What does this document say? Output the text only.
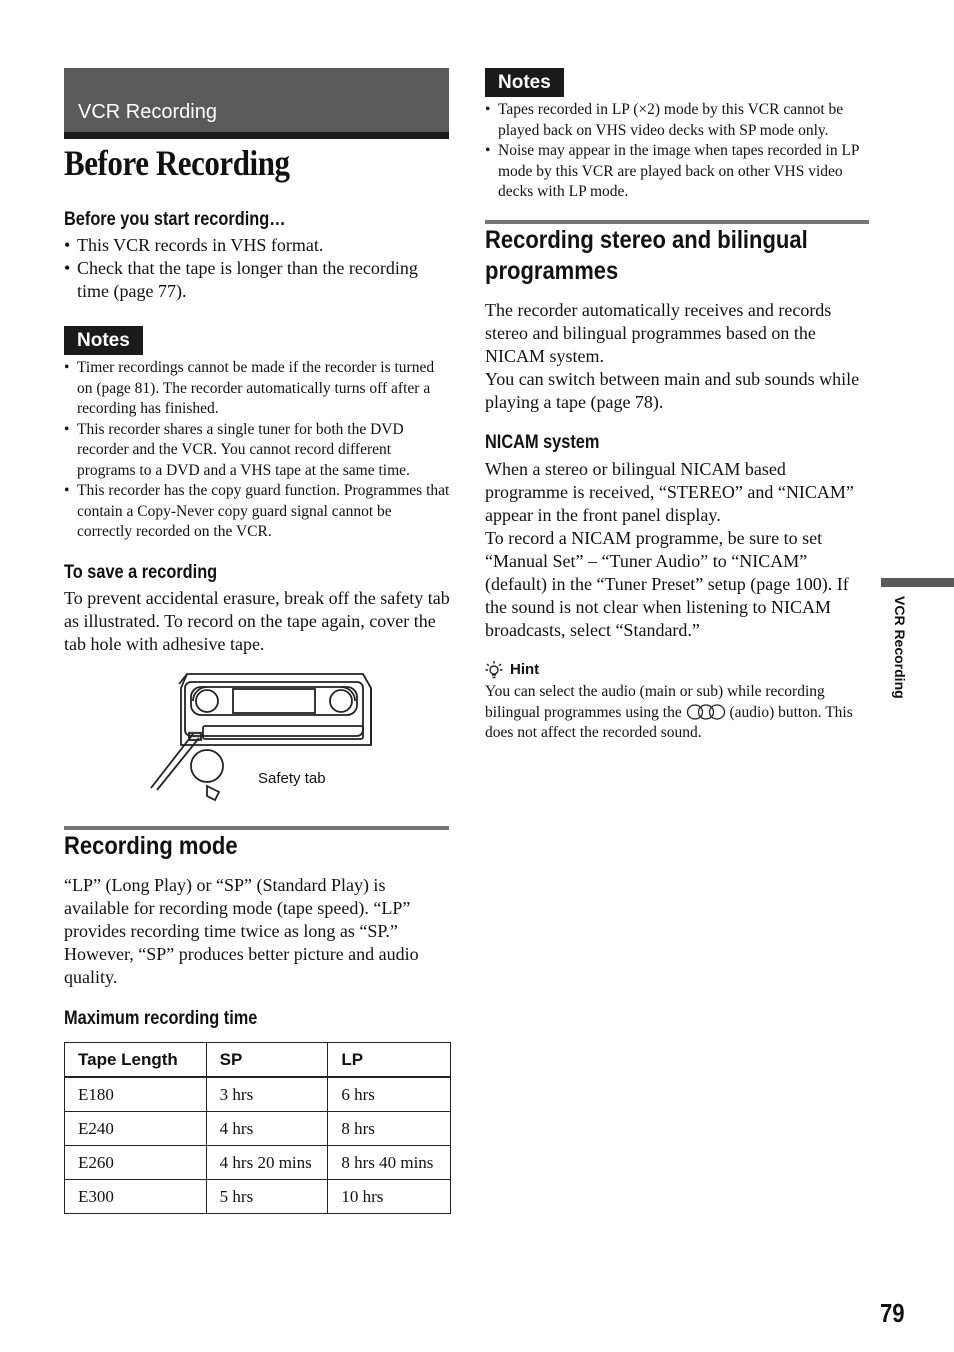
VCR Recording
Before Recording
Before you start recording…
• This VCR records in VHS format.
• Check that the tape is longer than the recording time (page 77).
Notes
• Timer recordings cannot be made if the recorder is turned on (page 81). The recorder automatically turns off after a recording has finished.
• This recorder shares a single tuner for both the DVD recorder and the VCR. You cannot record different programs to a DVD and a VHS tape at the same time.
• This recorder has the copy guard function. Programmes that contain a Copy-Never copy guard signal cannot be correctly recorded on the VCR.
To save a recording
To prevent accidental erasure, break off the safety tab as illustrated. To record on the tape again, cover the tab hole with adhesive tape.
Safety tab
Recording mode
“LP” (Long Play) or “SP” (Standard Play) is available for recording mode (tape speed). “LP” provides recording time twice as long as “SP.” However, “SP” produces better picture and audio quality.
Maximum recording time
Tape Length	SP	LP
E180	3 hrs	6 hrs
E240	4 hrs	8 hrs
E260	4 hrs 20 mins	8 hrs 40 mins
E300	5 hrs	10 hrs
Notes
• Tapes recorded in LP (×2) mode by this VCR cannot be played back on VHS video decks with SP mode only.
• Noise may appear in the image when tapes recorded in LP mode by this VCR are played back on other VHS video decks with LP mode.
Recording stereo and bilingual programmes
The recorder automatically receives and records stereo and bilingual programmes based on the NICAM system.
You can switch between main and sub sounds while playing a tape (page 78).
NICAM system
When a stereo or bilingual NICAM based programme is received, “STEREO” and “NICAM” appear in the front panel display.
To record a NICAM programme, be sure to set “Manual Set” – “Tuner Audio” to “NICAM” (default) in the “Tuner Preset” setup (page 100). If the sound is not clear when listening to NICAM broadcasts, select “Standard.”
Hint
You can select the audio (main or sub) while recording bilingual programmes using the	(audio) button. This does not affect the recorded sound.
VCR Recording
79
